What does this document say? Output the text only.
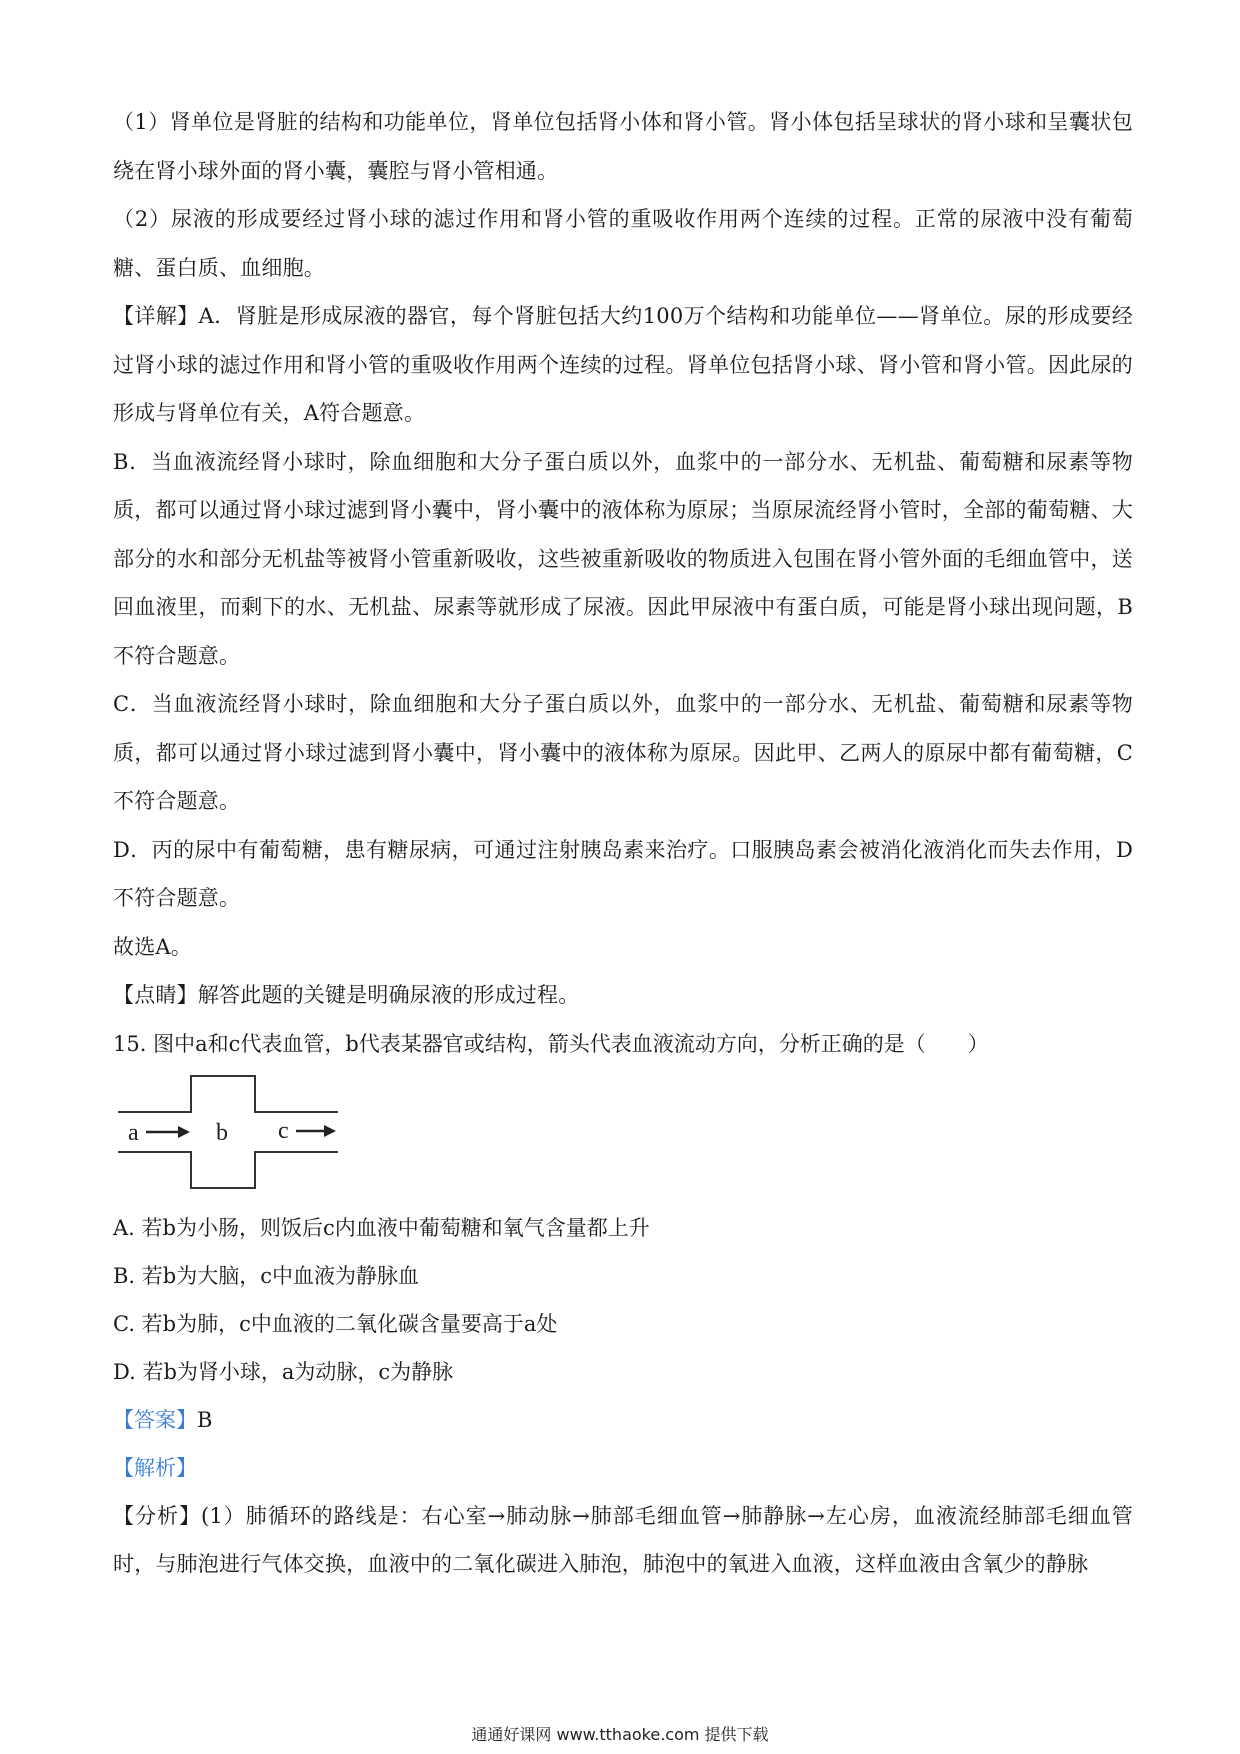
（1）肾单位是肾脏的结构和功能单位，肾单位包括肾小体和肾小管。肾小体包括呈球状的肾小球和呈囊状包绕在肾小球外面的肾小囊，囊腔与肾小管相通。

（2）尿液的形成要经过肾小球的滤过作用和肾小管的重吸收作用两个连续的过程。正常的尿液中没有葡萄糖、蛋白质、血细胞。

【详解】A．肾脏是形成尿液的器官，每个肾脏包括大约100万个结构和功能单位——肾单位。尿的形成要经过肾小球的滤过作用和肾小管的重吸收作用两个连续的过程。肾单位包括肾小球、肾小管和肾小管。因此尿的形成与肾单位有关，A符合题意。

B．当血液流经肾小球时，除血细胞和大分子蛋白质以外，血浆中的一部分水、无机盐、葡萄糖和尿素等物质，都可以通过肾小球过滤到肾小囊中，肾小囊中的液体称为原尿；当原尿流经肾小管时，全部的葡萄糖、大部分的水和部分无机盐等被肾小管重新吸收，这些被重新吸收的物质进入包围在肾小管外面的毛细血管中，送回血液里，而剩下的水、无机盐、尿素等就形成了尿液。因此甲尿液中有蛋白质，可能是肾小球出现问题，B不符合题意。

C．当血液流经肾小球时，除血细胞和大分子蛋白质以外，血浆中的一部分水、无机盐、葡萄糖和尿素等物质，都可以通过肾小球过滤到肾小囊中，肾小囊中的液体称为原尿。因此甲、乙两人的原尿中都有葡萄糖，C不符合题意。

D．丙的尿中有葡萄糖，患有糖尿病，可通过注射胰岛素来治疗。口服胰岛素会被消化液消化而失去作用，D不符合题意。

故选A。

【点睛】解答此题的关键是明确尿液的形成过程。

15. 图中a和c代表血管，b代表某器官或结构，箭头代表血液流动方向，分析正确的是（　　）

a	b c

A. 若b为小肠，则饭后c内血液中葡萄糖和氧气含量都上升

B. 若b为大脑，c中血液为静脉血

C. 若b为肺，c中血液的二氧化碳含量要高于a处

D. 若b为肾小球，a为动脉，c为静脉

【答案】B

【解析】

【分析】(1）肺循环的路线是：右心室→肺动脉→肺部毛细血管→肺静脉→左心房，血液流经肺部毛细血管时，与肺泡进行气体交换，血液中的二氧化碳进入肺泡，肺泡中的氧进入血液，这样血液由含氧少的静脉

通通好课网 www.tthaoke.com 提供下载
